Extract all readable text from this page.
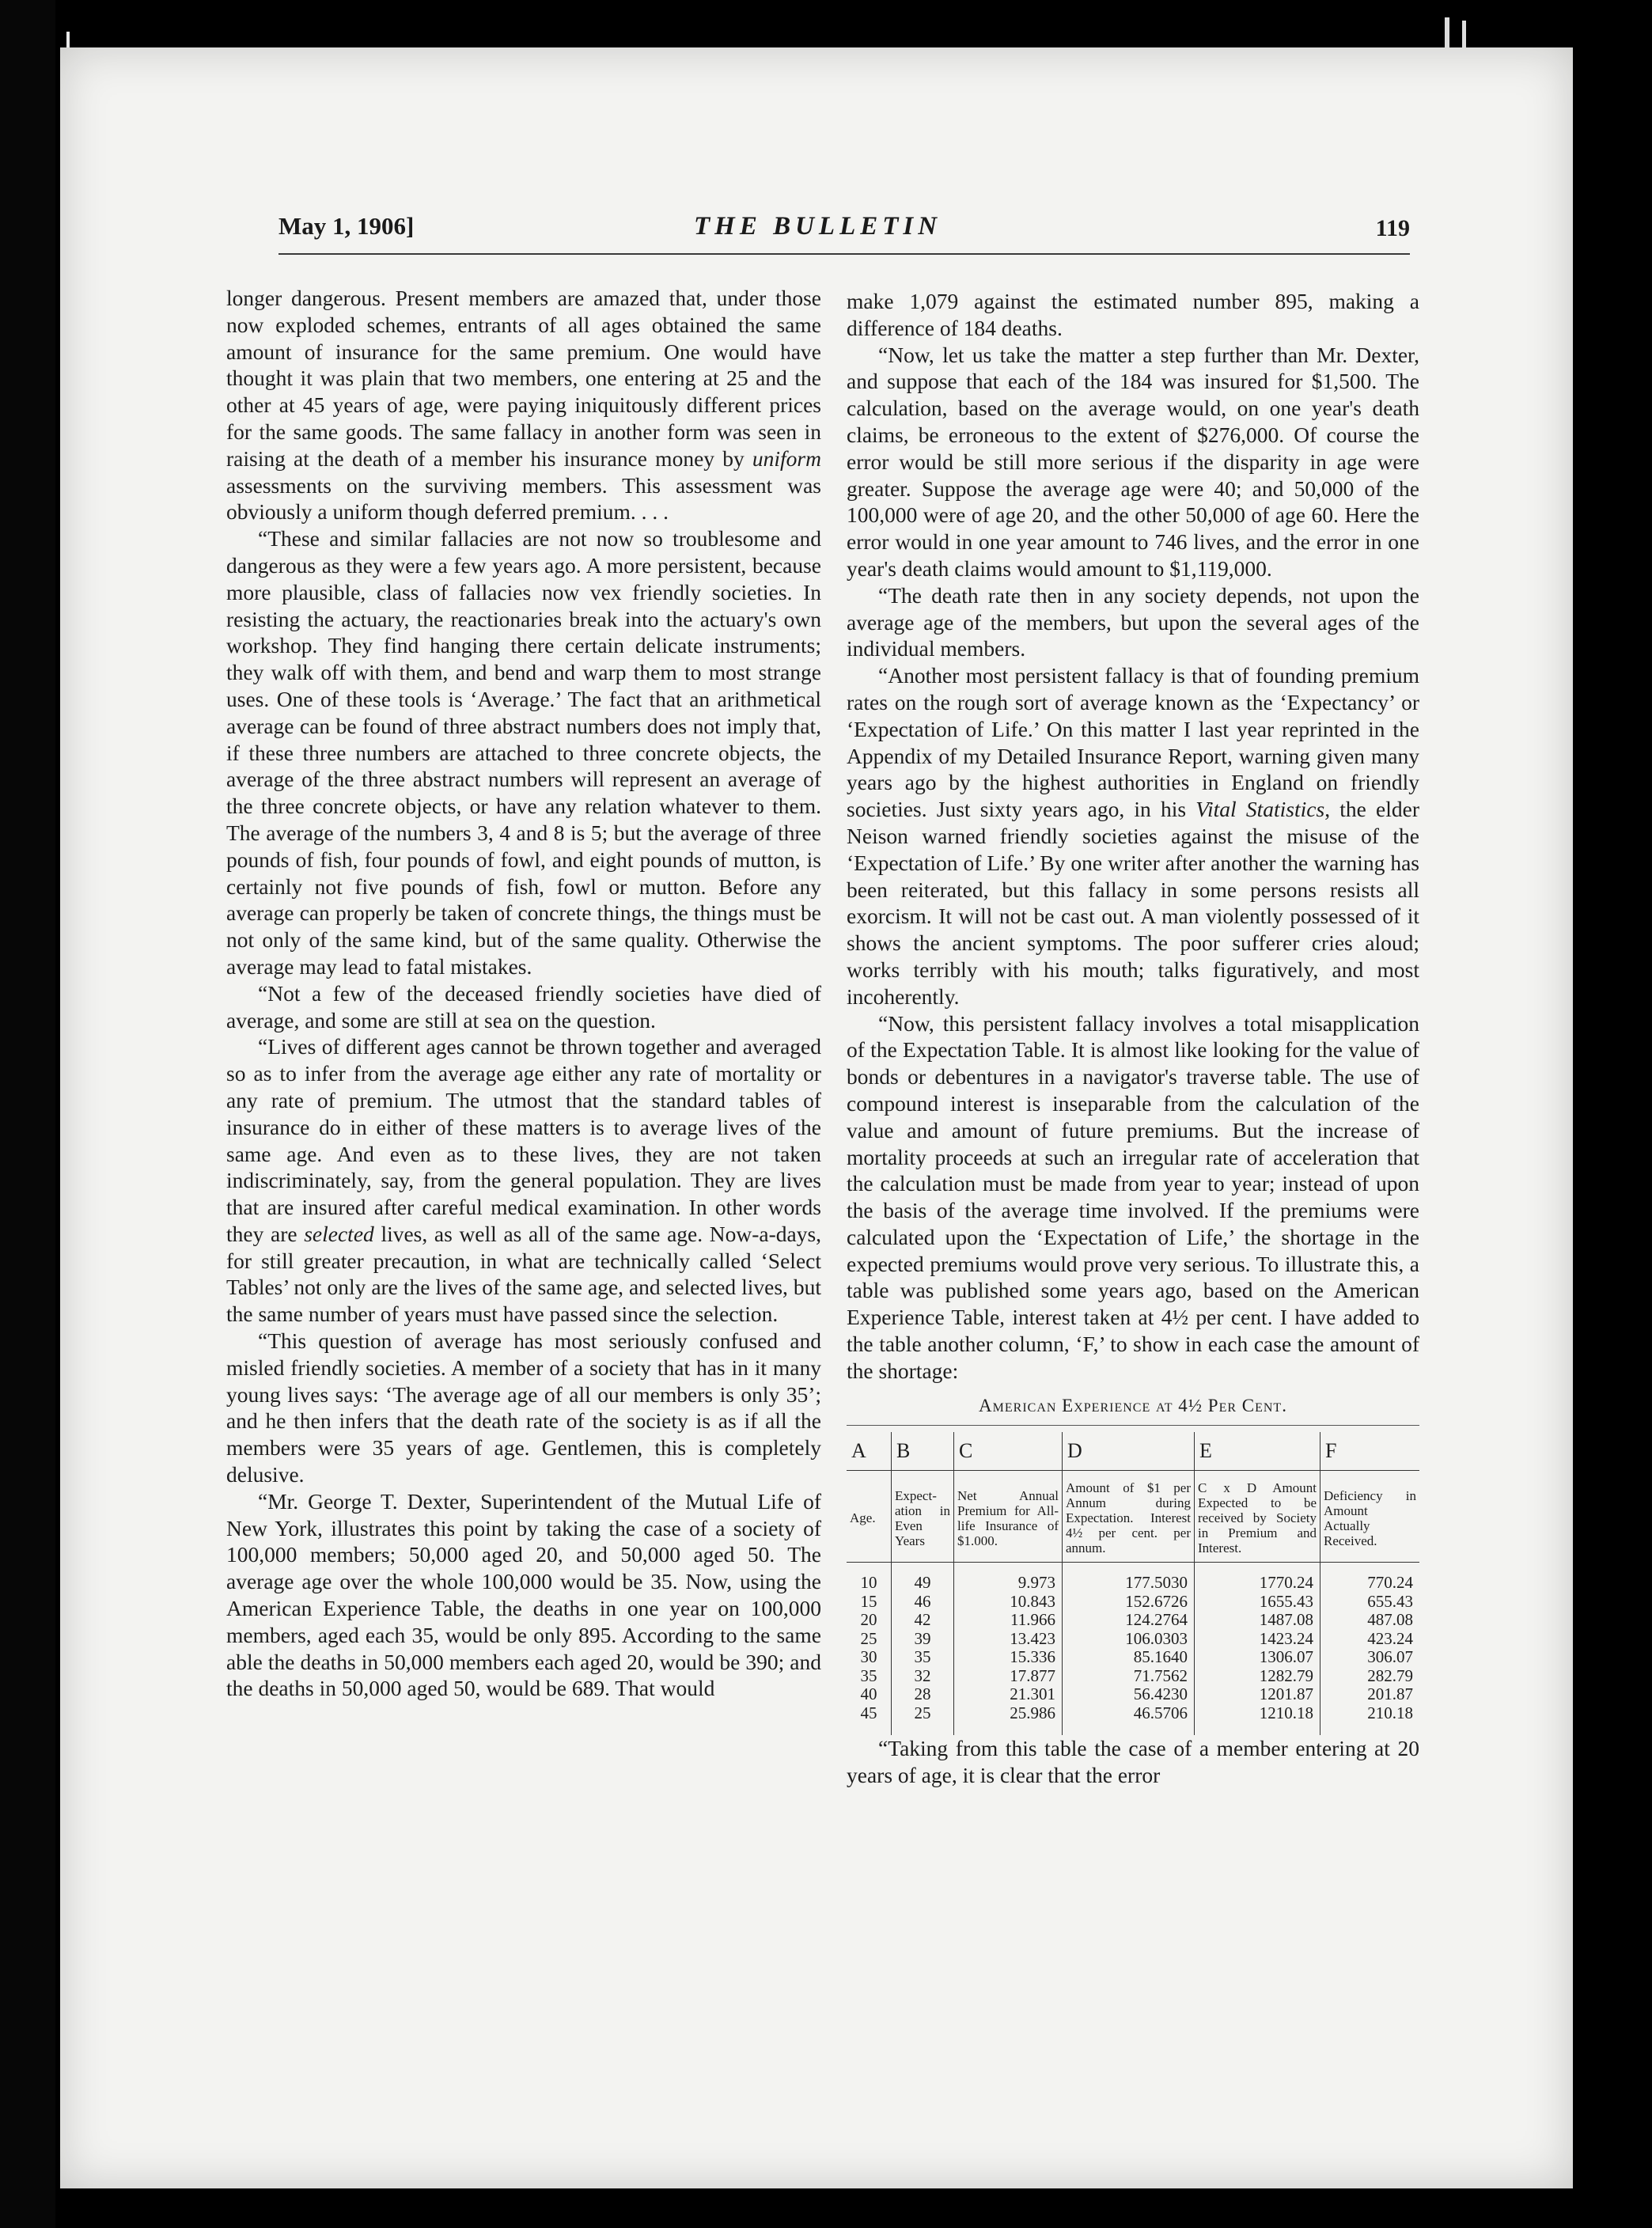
May 1, 1906]	THE BULLETIN	119

longer dangerous. Present members are amazed that, under those now exploded schemes, entrants of all ages obtained the same amount of insurance for the same premium. One would have thought it was plain that two members, one entering at 25 and the other at 45 years of age, were paying iniquitously different prices for the same goods. The same fallacy in another form was seen in raising at the death of a member his insurance money by uniform assessments on the surviving members. This assessment was obviously a uniform though deferred premium. . . .

“These and similar fallacies are not now so troublesome and dangerous as they were a few years ago. A more persistent, because more plausible, class of fallacies now vex friendly societies. In resisting the actuary, the reactionaries break into the actuary's own workshop. They find hanging there certain delicate instruments; they walk off with them, and bend and warp them to most strange uses. One of these tools is ‘Average.’ The fact that an arithmetical average can be found of three abstract numbers does not imply that, if these three numbers are attached to three concrete objects, the average of the three abstract numbers will represent an average of the three concrete objects, or have any relation whatever to them. The average of the numbers 3, 4 and 8 is 5; but the average of three pounds of fish, four pounds of fowl, and eight pounds of mutton, is certainly not five pounds of fish, fowl or mutton. Before any average can properly be taken of concrete things, the things must be not only of the same kind, but of the same quality. Otherwise the average may lead to fatal mistakes.

“Not a few of the deceased friendly societies have died of average, and some are still at sea on the question.

“Lives of different ages cannot be thrown together and averaged so as to infer from the average age either any rate of mortality or any rate of premium. The utmost that the standard tables of insurance do in either of these matters is to average lives of the same age. And even as to these lives, they are not taken indiscriminately, say, from the general population. They are lives that are insured after careful medical examination. In other words they are selected lives, as well as all of the same age. Now-a-days, for still greater precaution, in what are technically called ‘Select Tables’ not only are the lives of the same age, and selected lives, but the same number of years must have passed since the selection.

“This question of average has most seriously confused and misled friendly societies. A member of a society that has in it many young lives says: ‘The average age of all our members is only 35’; and he then infers that the death rate of the society is as if all the members were 35 years of age. Gentlemen, this is completely delusive.

“Mr. George T. Dexter, Superintendent of the Mutual Life of New York, illustrates this point by taking the case of a society of 100,000 members; 50,000 aged 20, and 50,000 aged 50. The average age over the whole 100,000 would be 35. Now, using the American Experience Table, the deaths in one year on 100,000 members, aged each 35, would be only 895. According to the same able the deaths in 50,000 members each aged 20, would be 390; and the deaths in 50,000 aged 50, would be 689. That would

make 1,079 against the estimated number 895, making a difference of 184 deaths.

“Now, let us take the matter a step further than Mr. Dexter, and suppose that each of the 184 was insured for $1,500. The calculation, based on the average would, on one year's death claims, be erroneous to the extent of $276,000. Of course the error would be still more serious if the disparity in age were greater. Suppose the average age were 40; and 50,000 of the 100,000 were of age 20, and the other 50,000 of age 60. Here the error would in one year amount to 746 lives, and the error in one year's death claims would amount to $1,119,000.

“The death rate then in any society depends, not upon the average age of the members, but upon the several ages of the individual members.

“Another most persistent fallacy is that of founding premium rates on the rough sort of average known as the ‘Expectancy’ or ‘Expectation of Life.’ On this matter I last year reprinted in the Appendix of my Detailed Insurance Report, warning given many years ago by the highest authorities in England on friendly societies. Just sixty years ago, in his Vital Statistics, the elder Neison warned friendly societies against the misuse of the ‘Expectation of Life.’ By one writer after another the warning has been reiterated, but this fallacy in some persons resists all exorcism. It will not be cast out. A man violently possessed of it shows the ancient symptoms. The poor sufferer cries aloud; works terribly with his mouth; talks figuratively, and most incoherently.

“Now, this persistent fallacy involves a total misapplication of the Expectation Table. It is almost like looking for the value of bonds or debentures in a navigator's traverse table. The use of compound interest is inseparable from the calculation of the value and amount of future premiums. But the increase of mortality proceeds at such an irregular rate of acceleration that the calculation must be made from year to year; instead of upon the basis of the average time involved. If the premiums were calculated upon the ‘Expectation of Life,’ the shortage in the expected premiums would prove very serious. To illustrate this, a table was published some years ago, based on the American Experience Table, interest taken at 4½ per cent. I have added to the table another column, ‘F,’ to show in each case the amount of the shortage:

American Experience at 4½ Per Cent.
A	B	C	D	E	F
Age.	Expect-ation in Even Years	Net Annual Premium for All-life Insurance of $1.000.	Amount of $1 per Annum during Expectation. Interest 4½ per cent. per annum.	C x D Amount Expected to be received by Society in Premium and Interest.	Deficiency in Amount Actually Received.
10	49	9.973	177.5030	1770.24	770.24
15	46	10.843	152.6726	1655.43	655.43
20	42	11.966	124.2764	1487.08	487.08
25	39	13.423	106.0303	1423.24	423.24
30	35	15.336	85.1640	1306.07	306.07
35	32	17.877	71.7562	1282.79	282.79
40	28	21.301	56.4230	1201.87	201.87
45	25	25.986	46.5706	1210.18	210.18

“Taking from this table the case of a member entering at 20 years of age, it is clear that the error
